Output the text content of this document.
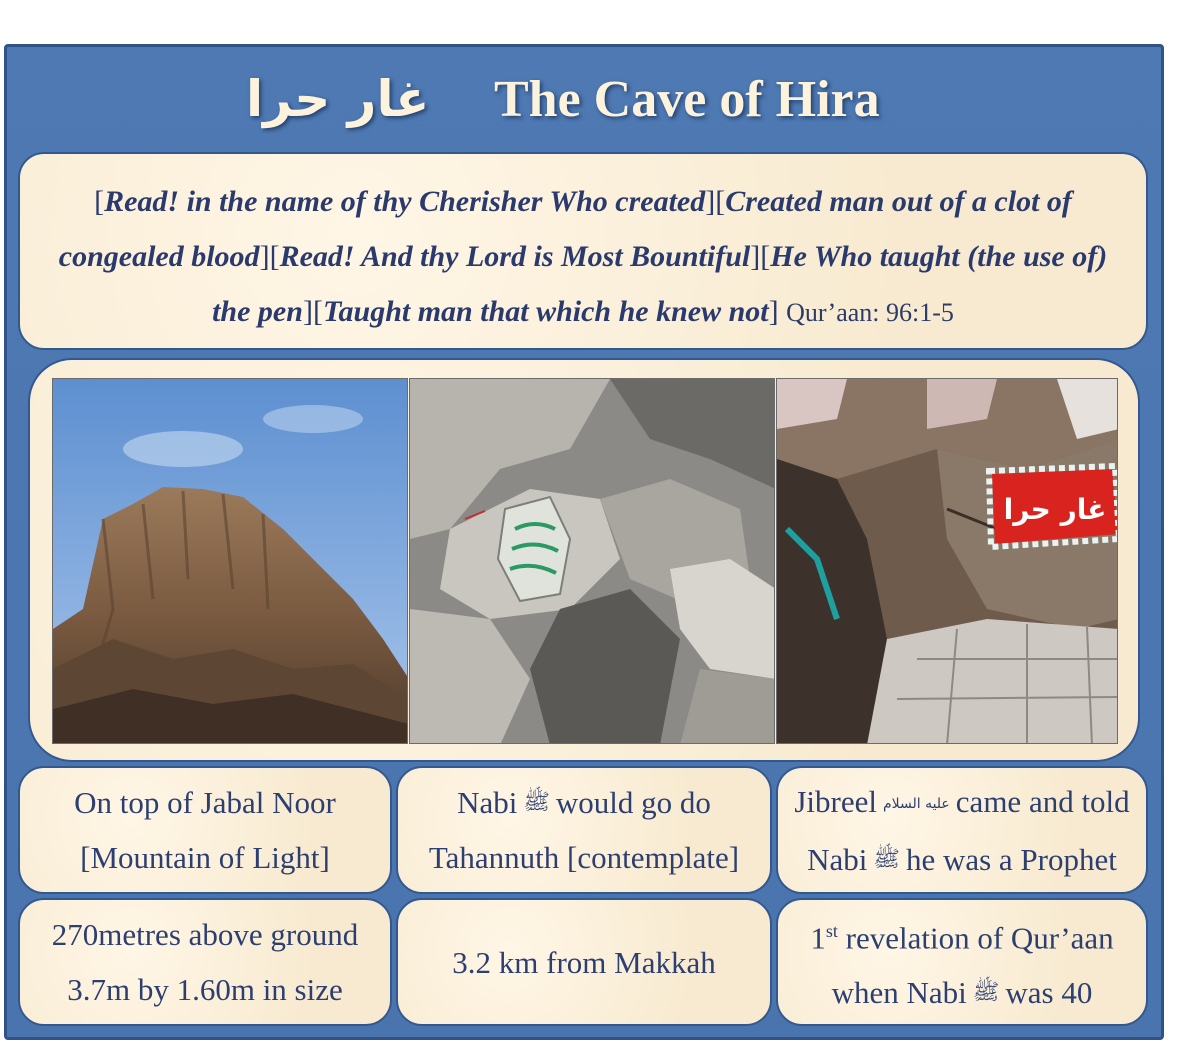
غار حرا The Cave of Hira
[Read! in the name of thy Cherisher Who created][Created man out of a clot of congealed blood][Read! And thy Lord is Most Bountiful][He Who taught (the use of) the pen][Taught man that which he knew not] Qur’aan: 96:1-5
غار حرا
On top of Jabal Noor
[Mountain of Light]
Nabi ﷺ would go do
Tahannuth [contemplate]
Jibreel عليه السلام came and told
Nabi ﷺ he was a Prophet
270metres above ground
3.7m by 1.60m in size
3.2 km from Makkah
1st revelation of Qur’aan
when Nabi ﷺ was 40
